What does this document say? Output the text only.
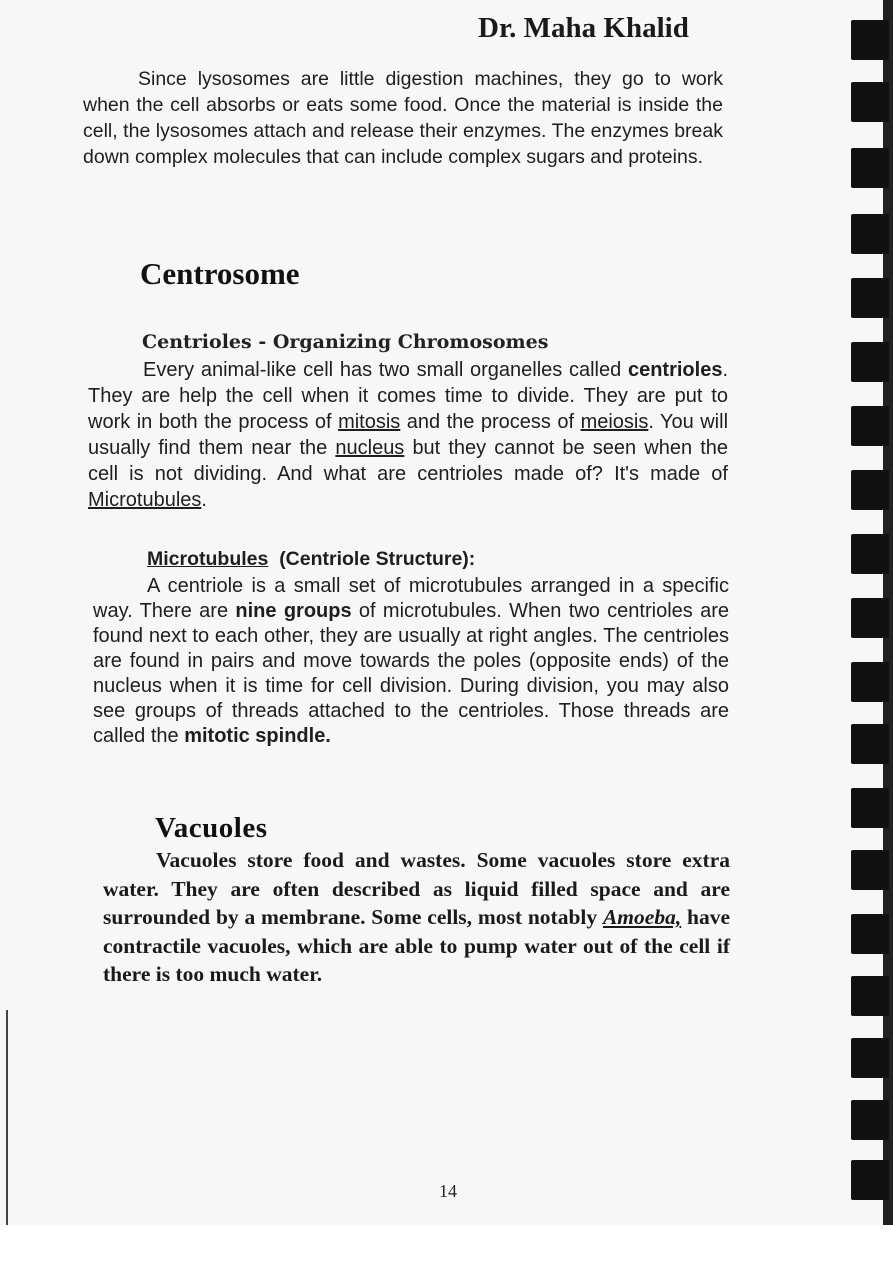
Dr. Maha Khalid

Since lysosomes are little digestion machines, they go to work when the cell absorbs or eats some food. Once the material is inside the cell, the lysosomes attach and release their enzymes. The enzymes break down complex molecules that can include complex sugars and proteins.

Centrosome
Centrioles - Organizing Chromosomes

Every animal-like cell has two small organelles called centrioles. They are help the cell when it comes time to divide. They are put to work in both the process of mitosis and the process of meiosis. You will usually find them near the nucleus but they cannot be seen when the cell is not dividing. And what are centrioles made of? It's made of Microtubules.

Microtubules (Centriole Structure):

A centriole is a small set of microtubules arranged in a specific way. There are nine groups of microtubules. When two centrioles are found next to each other, they are usually at right angles. The centrioles are found in pairs and move towards the poles (opposite ends) of the nucleus when it is time for cell division. During division, you may also see groups of threads attached to the centrioles. Those threads are called the mitotic spindle.

Vacuoles

Vacuoles store food and wastes. Some vacuoles store extra water. They are often described as liquid filled space and are surrounded by a membrane. Some cells, most notably Amoeba, have contractile vacuoles, which are able to pump water out of the cell if there is too much water.

14
